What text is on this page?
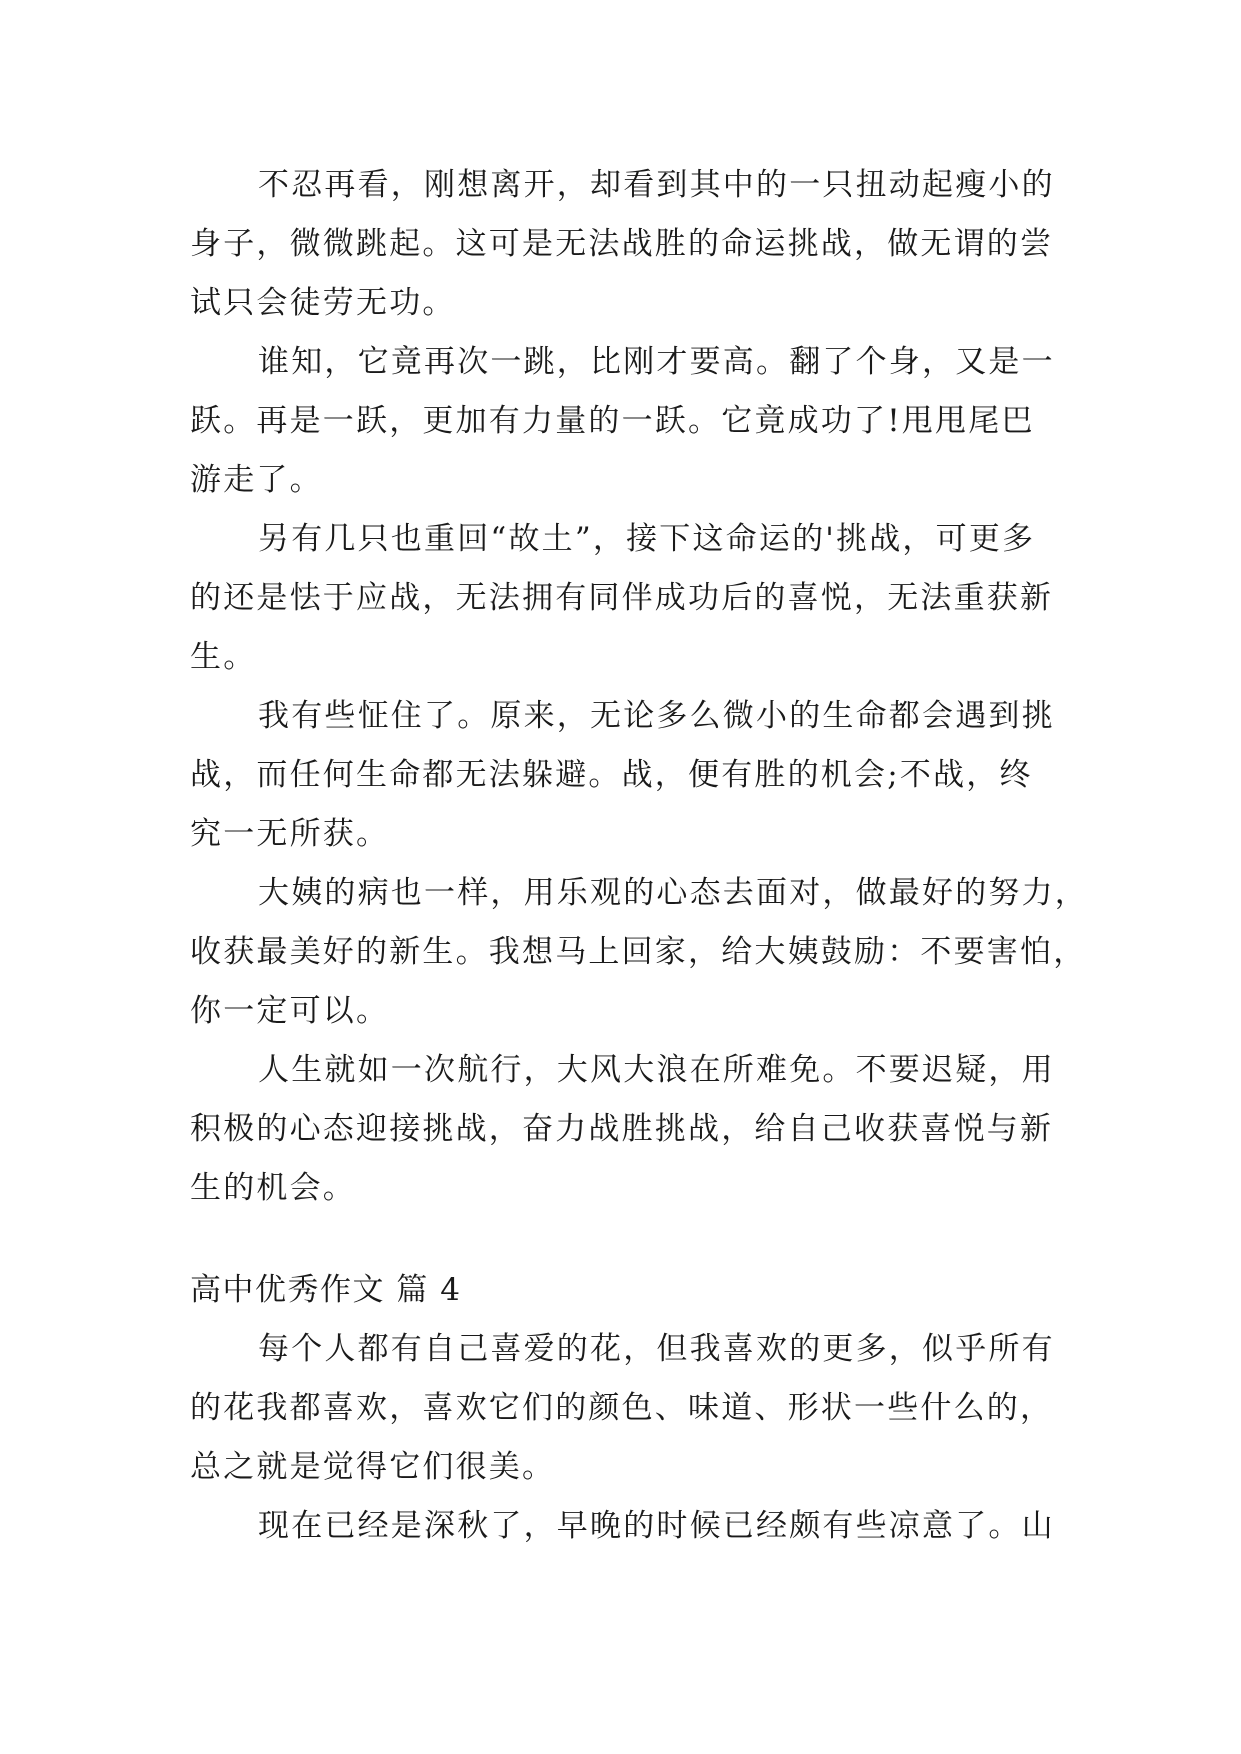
不忍再看，刚想离开，却看到其中的一只扭动起瘦小的
身子，微微跳起。这可是无法战胜的命运挑战，做无谓的尝
试只会徒劳无功。
谁知，它竟再次一跳，比刚才要高。翻了个身，又是一
跃。再是一跃，更加有力量的一跃。它竟成功了!甩甩尾巴
游走了。
另有几只也重回“故土”，接下这命运的'挑战，可更多
的还是怯于应战，无法拥有同伴成功后的喜悦，无法重获新
生。
我有些怔住了。原来，无论多么微小的生命都会遇到挑
战，而任何生命都无法躲避。战，便有胜的机会;不战，终
究一无所获。
大姨的病也一样，用乐观的心态去面对，做最好的努力，
收获最美好的新生。我想马上回家，给大姨鼓励：不要害怕，
你一定可以。
人生就如一次航行，大风大浪在所难免。不要迟疑，用
积极的心态迎接挑战，奋力战胜挑战，给自己收获喜悦与新
生的机会。
高中优秀作文 篇 4
每个人都有自己喜爱的花，但我喜欢的更多，似乎所有
的花我都喜欢，喜欢它们的颜色、味道、形状一些什么的，
总之就是觉得它们很美。
现在已经是深秋了，早晚的时候已经颇有些凉意了。山
